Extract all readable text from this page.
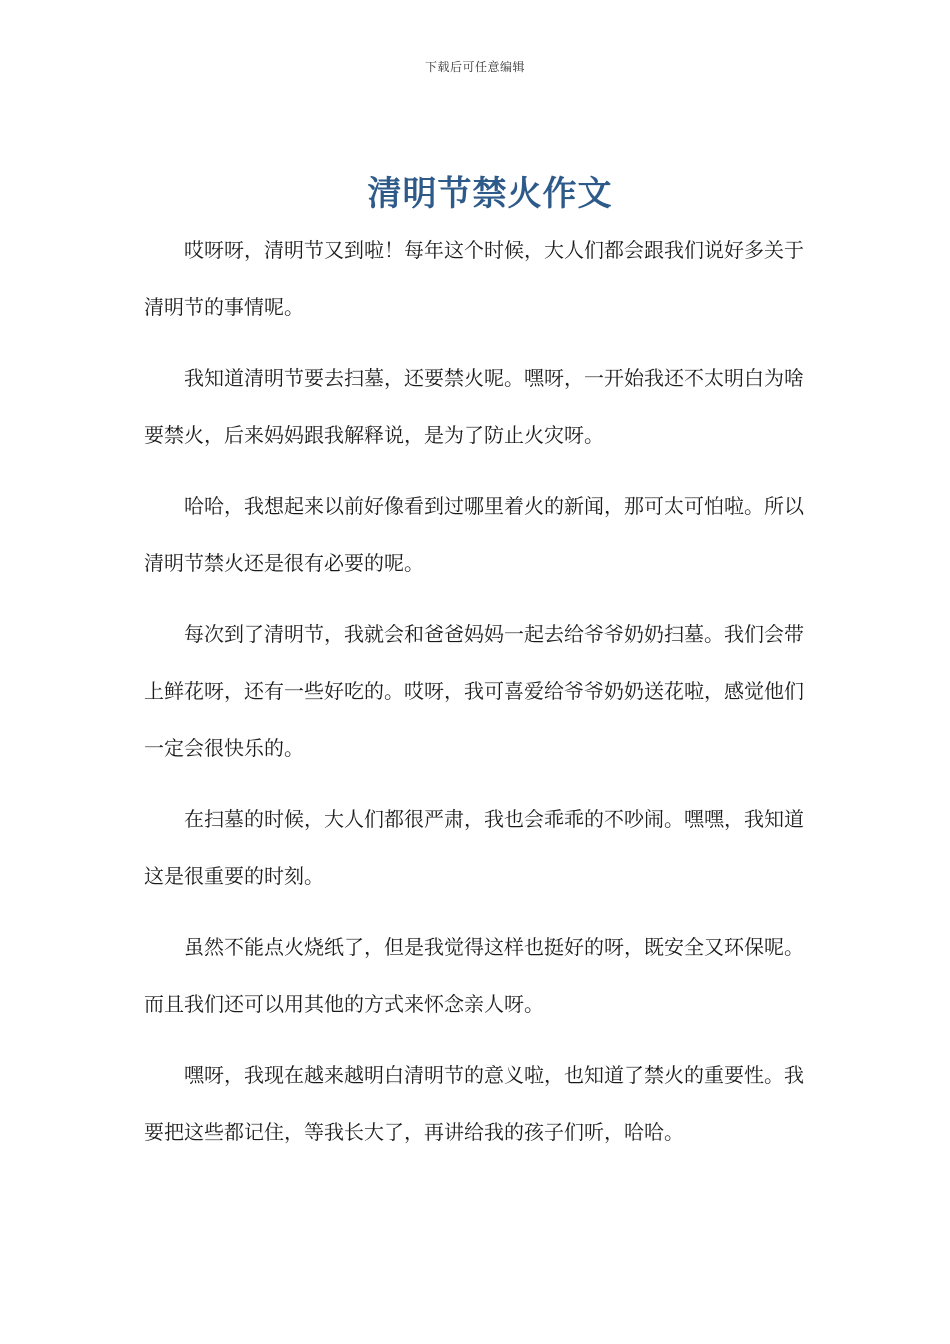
下载后可任意编辑
清明节禁火作文

哎呀呀，清明节又到啦！每年这个时候，大人们都会跟我们说好多关于清明节的事情呢。

我知道清明节要去扫墓，还要禁火呢。嘿呀，一开始我还不太明白为啥要禁火，后来妈妈跟我解释说，是为了防止火灾呀。

哈哈，我想起来以前好像看到过哪里着火的新闻，那可太可怕啦。所以清明节禁火还是很有必要的呢。

每次到了清明节，我就会和爸爸妈妈一起去给爷爷奶奶扫墓。我们会带上鲜花呀，还有一些好吃的。哎呀，我可喜爱给爷爷奶奶送花啦，感觉他们一定会很快乐的。

在扫墓的时候，大人们都很严肃，我也会乖乖的不吵闹。嘿嘿，我知道这是很重要的时刻。

虽然不能点火烧纸了，但是我觉得这样也挺好的呀，既安全又环保呢。而且我们还可以用其他的方式来怀念亲人呀。

嘿呀，我现在越来越明白清明节的意义啦，也知道了禁火的重要性。我要把这些都记住，等我长大了，再讲给我的孩子们听，哈哈。
